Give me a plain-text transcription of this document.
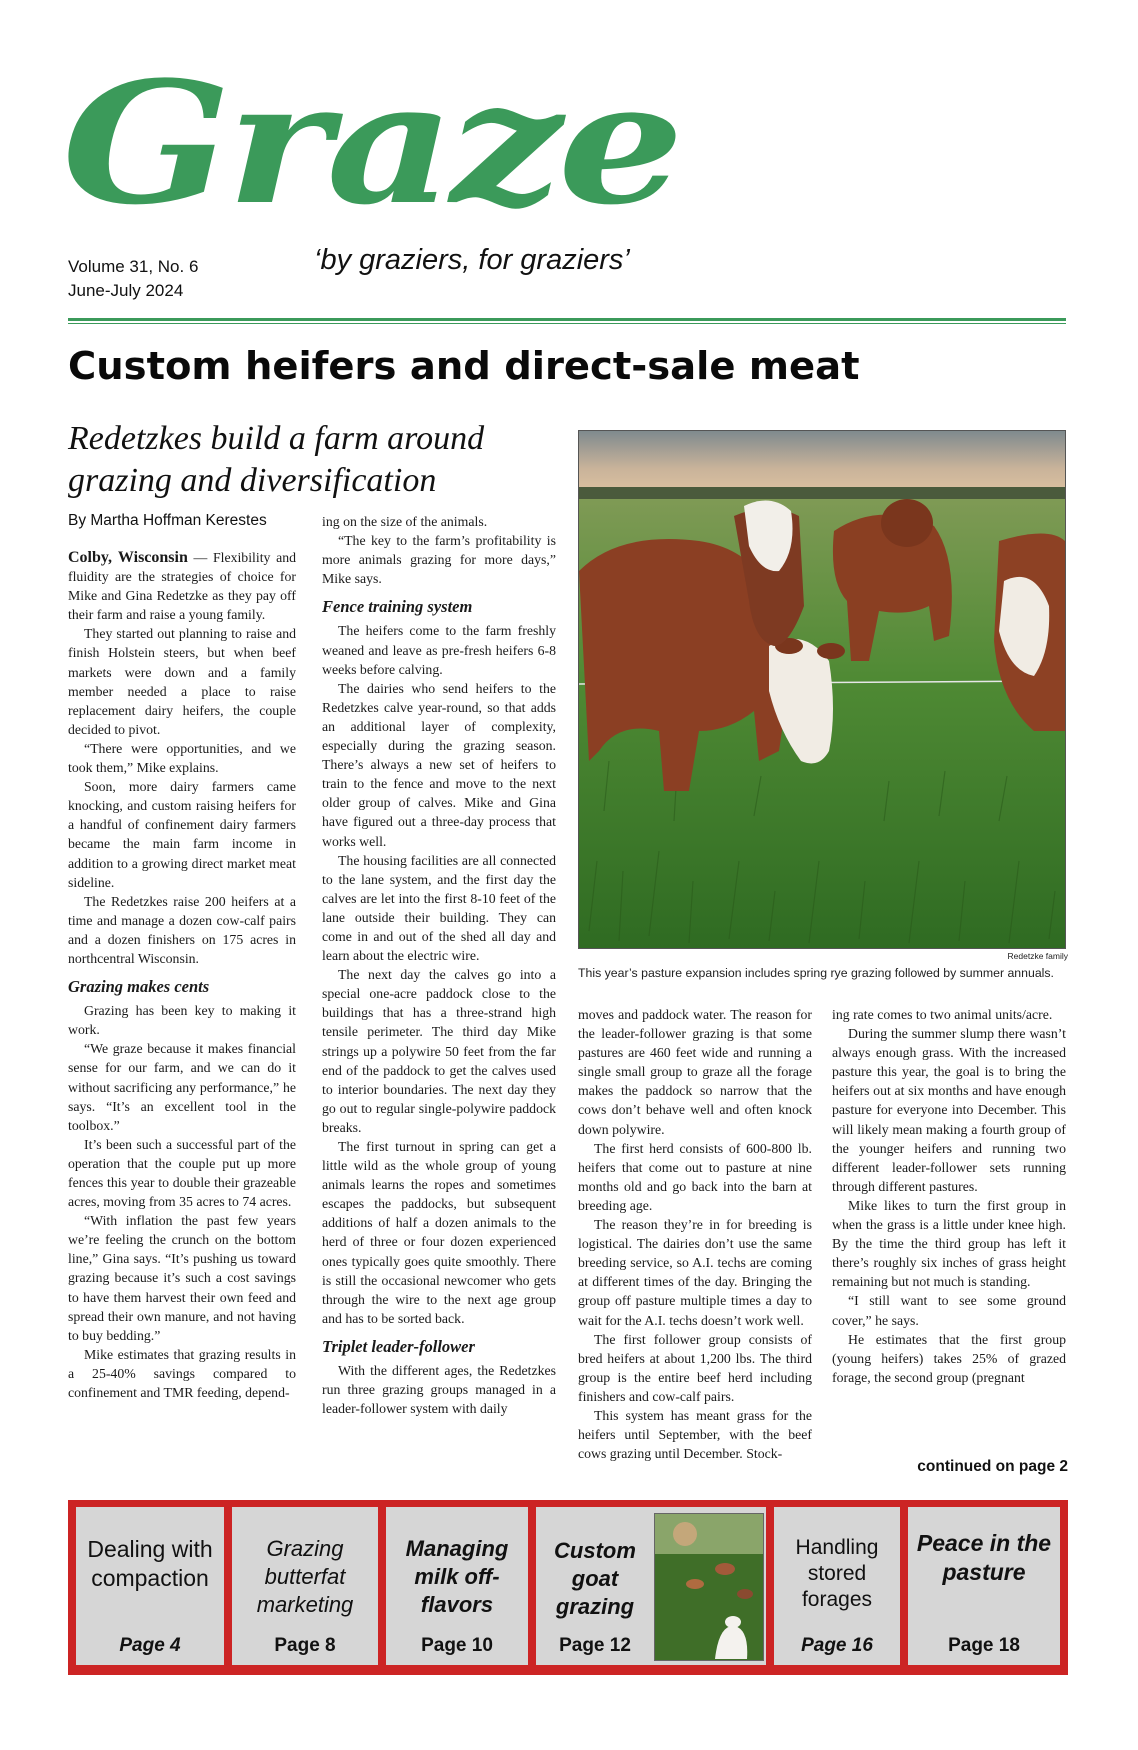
Graze
Volume 31, No. 6
June-July 2024
‘by graziers, for graziers’
Custom heifers and direct-sale meat
Redetzkes build a farm around grazing and diversification
By Martha Hoffman Kerestes

Colby, Wisconsin — Flexibility and fluidity are the strategies of choice for Mike and Gina Redetzke as they pay off their farm and raise a young family.

They started out planning to raise and finish Holstein steers, but when beef markets were down and a family member needed a place to raise replacement dairy heifers, the couple decided to pivot.

“There were opportunities, and we took them,” Mike explains.

Soon, more dairy farmers came knocking, and custom raising heifers for a handful of confinement dairy farmers became the main farm income in addition to a growing direct market meat sideline.

The Redetzkes raise 200 heifers at a time and manage a dozen cow-calf pairs and a dozen finishers on 175 acres in northcentral Wisconsin.

Grazing makes cents

Grazing has been key to making it work.

“We graze because it makes financial sense for our farm, and we can do it without sacrificing any performance,” he says. “It’s an excellent tool in the toolbox.”

It’s been such a successful part of the operation that the couple put up more fences this year to double their grazeable acres, moving from 35 acres to 74 acres.

“With inflation the past few years we’re feeling the crunch on the bottom line,” Gina says. “It’s pushing us toward grazing because it’s such a cost savings to have them harvest their own feed and spread their own manure, and not having to buy bedding.”

Mike estimates that grazing results in a 25-40% savings compared to confinement and TMR feeding, depend-

ing on the size of the animals.

“The key to the farm’s profitability is more animals grazing for more days,” Mike says.

Fence training system

The heifers come to the farm freshly weaned and leave as pre-fresh heifers 6-8 weeks before calving.

The dairies who send heifers to the Redetzkes calve year-round, so that adds an additional layer of complexity, especially during the grazing season. There’s always a new set of heifers to train to the fence and move to the next older group of calves. Mike and Gina have figured out a three-day process that works well.

The housing facilities are all connected to the lane system, and the first day the calves are let into the first 8-10 feet of the lane outside their building. They can come in and out of the shed all day and learn about the electric wire.

The next day the calves go into a special one-acre paddock close to the buildings that has a three-strand high tensile perimeter. The third day Mike strings up a polywire 50 feet from the far end of the paddock to get the calves used to interior boundaries. The next day they go out to regular single-polywire paddock breaks.

The first turnout in spring can get a little wild as the whole group of young animals learns the ropes and sometimes escapes the paddocks, but subsequent additions of half a dozen animals to the herd of three or four dozen experienced ones typically goes quite smoothly. There is still the occasional newcomer who gets through the wire to the next age group and has to be sorted back.

Triplet leader-follower

With the different ages, the Redetzkes run three grazing groups managed in a leader-follower system with daily

Redetzke family
This year’s pasture expansion includes spring rye grazing followed by summer annuals.

moves and paddock water. The reason for the leader-follower grazing is that some pastures are 460 feet wide and running a single small group to graze all the forage makes the paddock so narrow that the cows don’t behave well and often knock down polywire.

The first herd consists of 600-800 lb. heifers that come out to pasture at nine months old and go back into the barn at breeding age.

The reason they’re in for breeding is logistical. The dairies don’t use the same breeding service, so A.I. techs are coming at different times of the day. Bringing the group off pasture multiple times a day to wait for the A.I. techs doesn’t work well.

The first follower group consists of bred heifers at about 1,200 lbs. The third group is the entire beef herd including finishers and cow-calf pairs.

This system has meant grass for the heifers until September, with the beef cows grazing until December. Stock-

ing rate comes to two animal units/acre.

During the summer slump there wasn’t always enough grass. With the increased pasture this year, the goal is to bring the heifers out at six months and have enough pasture for everyone into December. This will likely mean making a fourth group of the younger heifers and running two different leader-follower sets running through different pastures.

Mike likes to turn the first group in when the grass is a little under knee high. By the time the third group has left it there’s roughly six inches of grass height remaining but not much is standing.

“I still want to see some ground cover,” he says.

He estimates that the first group (young heifers) takes 25% of grazed forage, the second group (pregnant

continued on page 2
Dealing with compaction
Page 4
Grazing butterfat marketing
Page 8
Managing milk off-flavors
Page 10
Custom goat grazing
Page 12
Handling stored forages
Page 16
Peace in the pasture
Page 18
